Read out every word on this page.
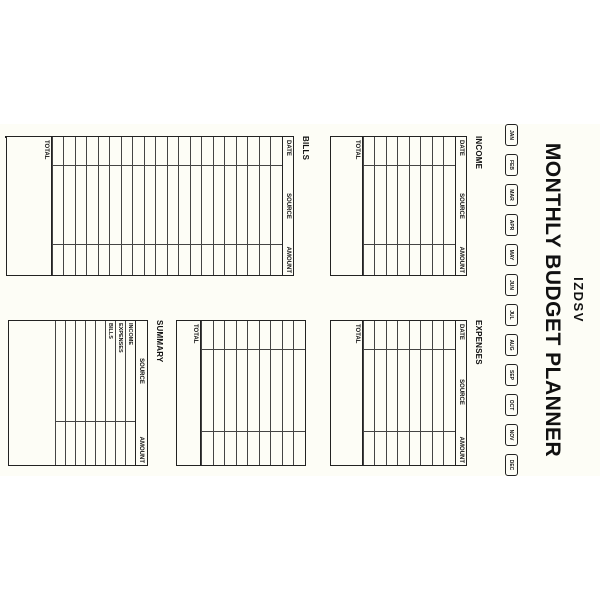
IZDSV
MONTHLY BUDGET PLANNER
JAN
FEB
MAR
APR
MAY
JUN
JUL
AUG
SEP
OCT
NOV
DEC
INCOME
DATE
SOURCE
AMOUNT
TOTAL
EXPENSES
DATE
SOURCE
AMOUNT
TOTAL
BILLS
DATE
SOURCE
AMOUNT
TOTAL
TOTAL
SUMMARY
SOURCE
AMOUNT
INCOME
EXPENSES
BILLS
